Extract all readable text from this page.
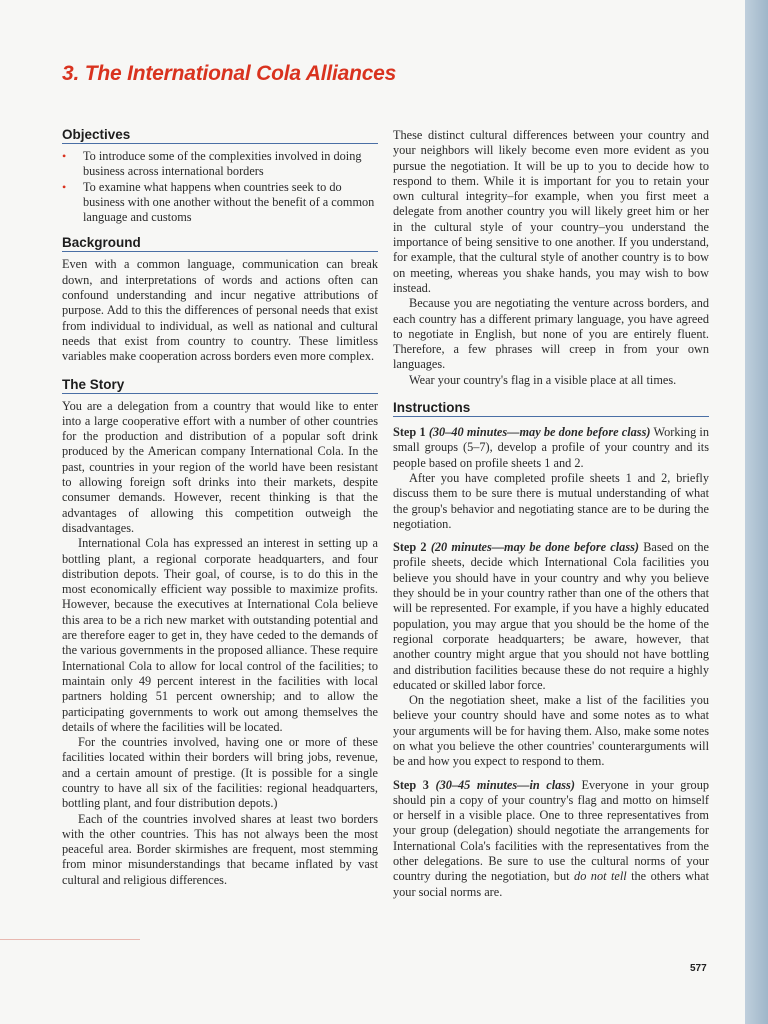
3. The International Cola Alliances
Objectives
• To introduce some of the complexities involved in doing business across international borders
• To examine what happens when countries seek to do business with one another without the benefit of a common language and customs
Background

Even with a common language, communication can break down, and interpretations of words and actions often can confound understanding and incur negative attributions of purpose. Add to this the differences of personal needs that exist from individual to individual, as well as national and cultural needs that exist from country to country. These limitless variables make cooperation across borders even more complex.

The Story

You are a delegation from a country that would like to enter into a large cooperative effort with a number of other countries for the production and distribution of a popular soft drink produced by the American company International Cola. In the past, countries in your region of the world have been resistant to allowing foreign soft drinks into their markets, despite consumer demands. However, recent thinking is that the advantages of allowing this competition outweigh the disadvantages.

International Cola has expressed an interest in setting up a bottling plant, a regional corporate headquarters, and four distribution depots. Their goal, of course, is to do this in the most economically efficient way possible to maximize profits. However, because the executives at International Cola believe this area to be a rich new market with outstanding potential and are therefore eager to get in, they have ceded to the demands of the various governments in the proposed alliance. These require International Cola to allow for local control of the facilities; to maintain only 49 percent interest in the facilities with local partners holding 51 percent ownership; and to allow the participating governments to work out among themselves the details of where the facilities will be located.

For the countries involved, having one or more of these facilities located within their borders will bring jobs, revenue, and a certain amount of prestige. (It is possible for a single country to have all six of the facilities: regional headquarters, bottling plant, and four distribution depots.)

Each of the countries involved shares at least two borders with the other countries. This has not always been the most peaceful area. Border skirmishes are frequent, most stemming from minor misunderstandings that became inflated by vast cultural and religious differences.

These distinct cultural differences between your country and your neighbors will likely become even more evident as you pursue the negotiation. It will be up to you to decide how to respond to them. While it is important for you to retain your own cultural integrity–for example, when you first meet a delegate from another country you will likely greet him or her in the cultural style of your country–you understand the importance of being sensitive to one another. If you understand, for example, that the cultural style of another country is to bow on meeting, whereas you shake hands, you may wish to bow instead.

Because you are negotiating the venture across borders, and each country has a different primary language, you have agreed to negotiate in English, but none of you are entirely fluent. Therefore, a few phrases will creep in from your own languages.

Wear your country's flag in a visible place at all times.

Instructions

Step 1 (30–40 minutes—may be done before class) Working in small groups (5–7), develop a profile of your country and its people based on profile sheets 1 and 2.

After you have completed profile sheets 1 and 2, briefly discuss them to be sure there is mutual understanding of what the group's behavior and negotiating stance are to be during the negotiation.

Step 2 (20 minutes—may be done before class) Based on the profile sheets, decide which International Cola facilities you believe you should have in your country and why you believe they should be in your country rather than one of the others that will be represented. For example, if you have a highly educated population, you may argue that you should be the home of the regional corporate headquarters; be aware, however, that another country might argue that you should not have bottling and distribution facilities because these do not require a highly educated or skilled labor force.

On the negotiation sheet, make a list of the facilities you believe your country should have and some notes as to what your arguments will be for having them. Also, make some notes on what you believe the other countries' counterarguments will be and how you expect to respond to them.

Step 3 (30–45 minutes—in class) Everyone in your group should pin a copy of your country's flag and motto on himself or herself in a visible place. One to three representatives from your group (delegation) should negotiate the arrangements for International Cola's facilities with the representatives from the other delegations. Be sure to use the cultural norms of your country during the negotiation, but do not tell the others what your social norms are.

577
